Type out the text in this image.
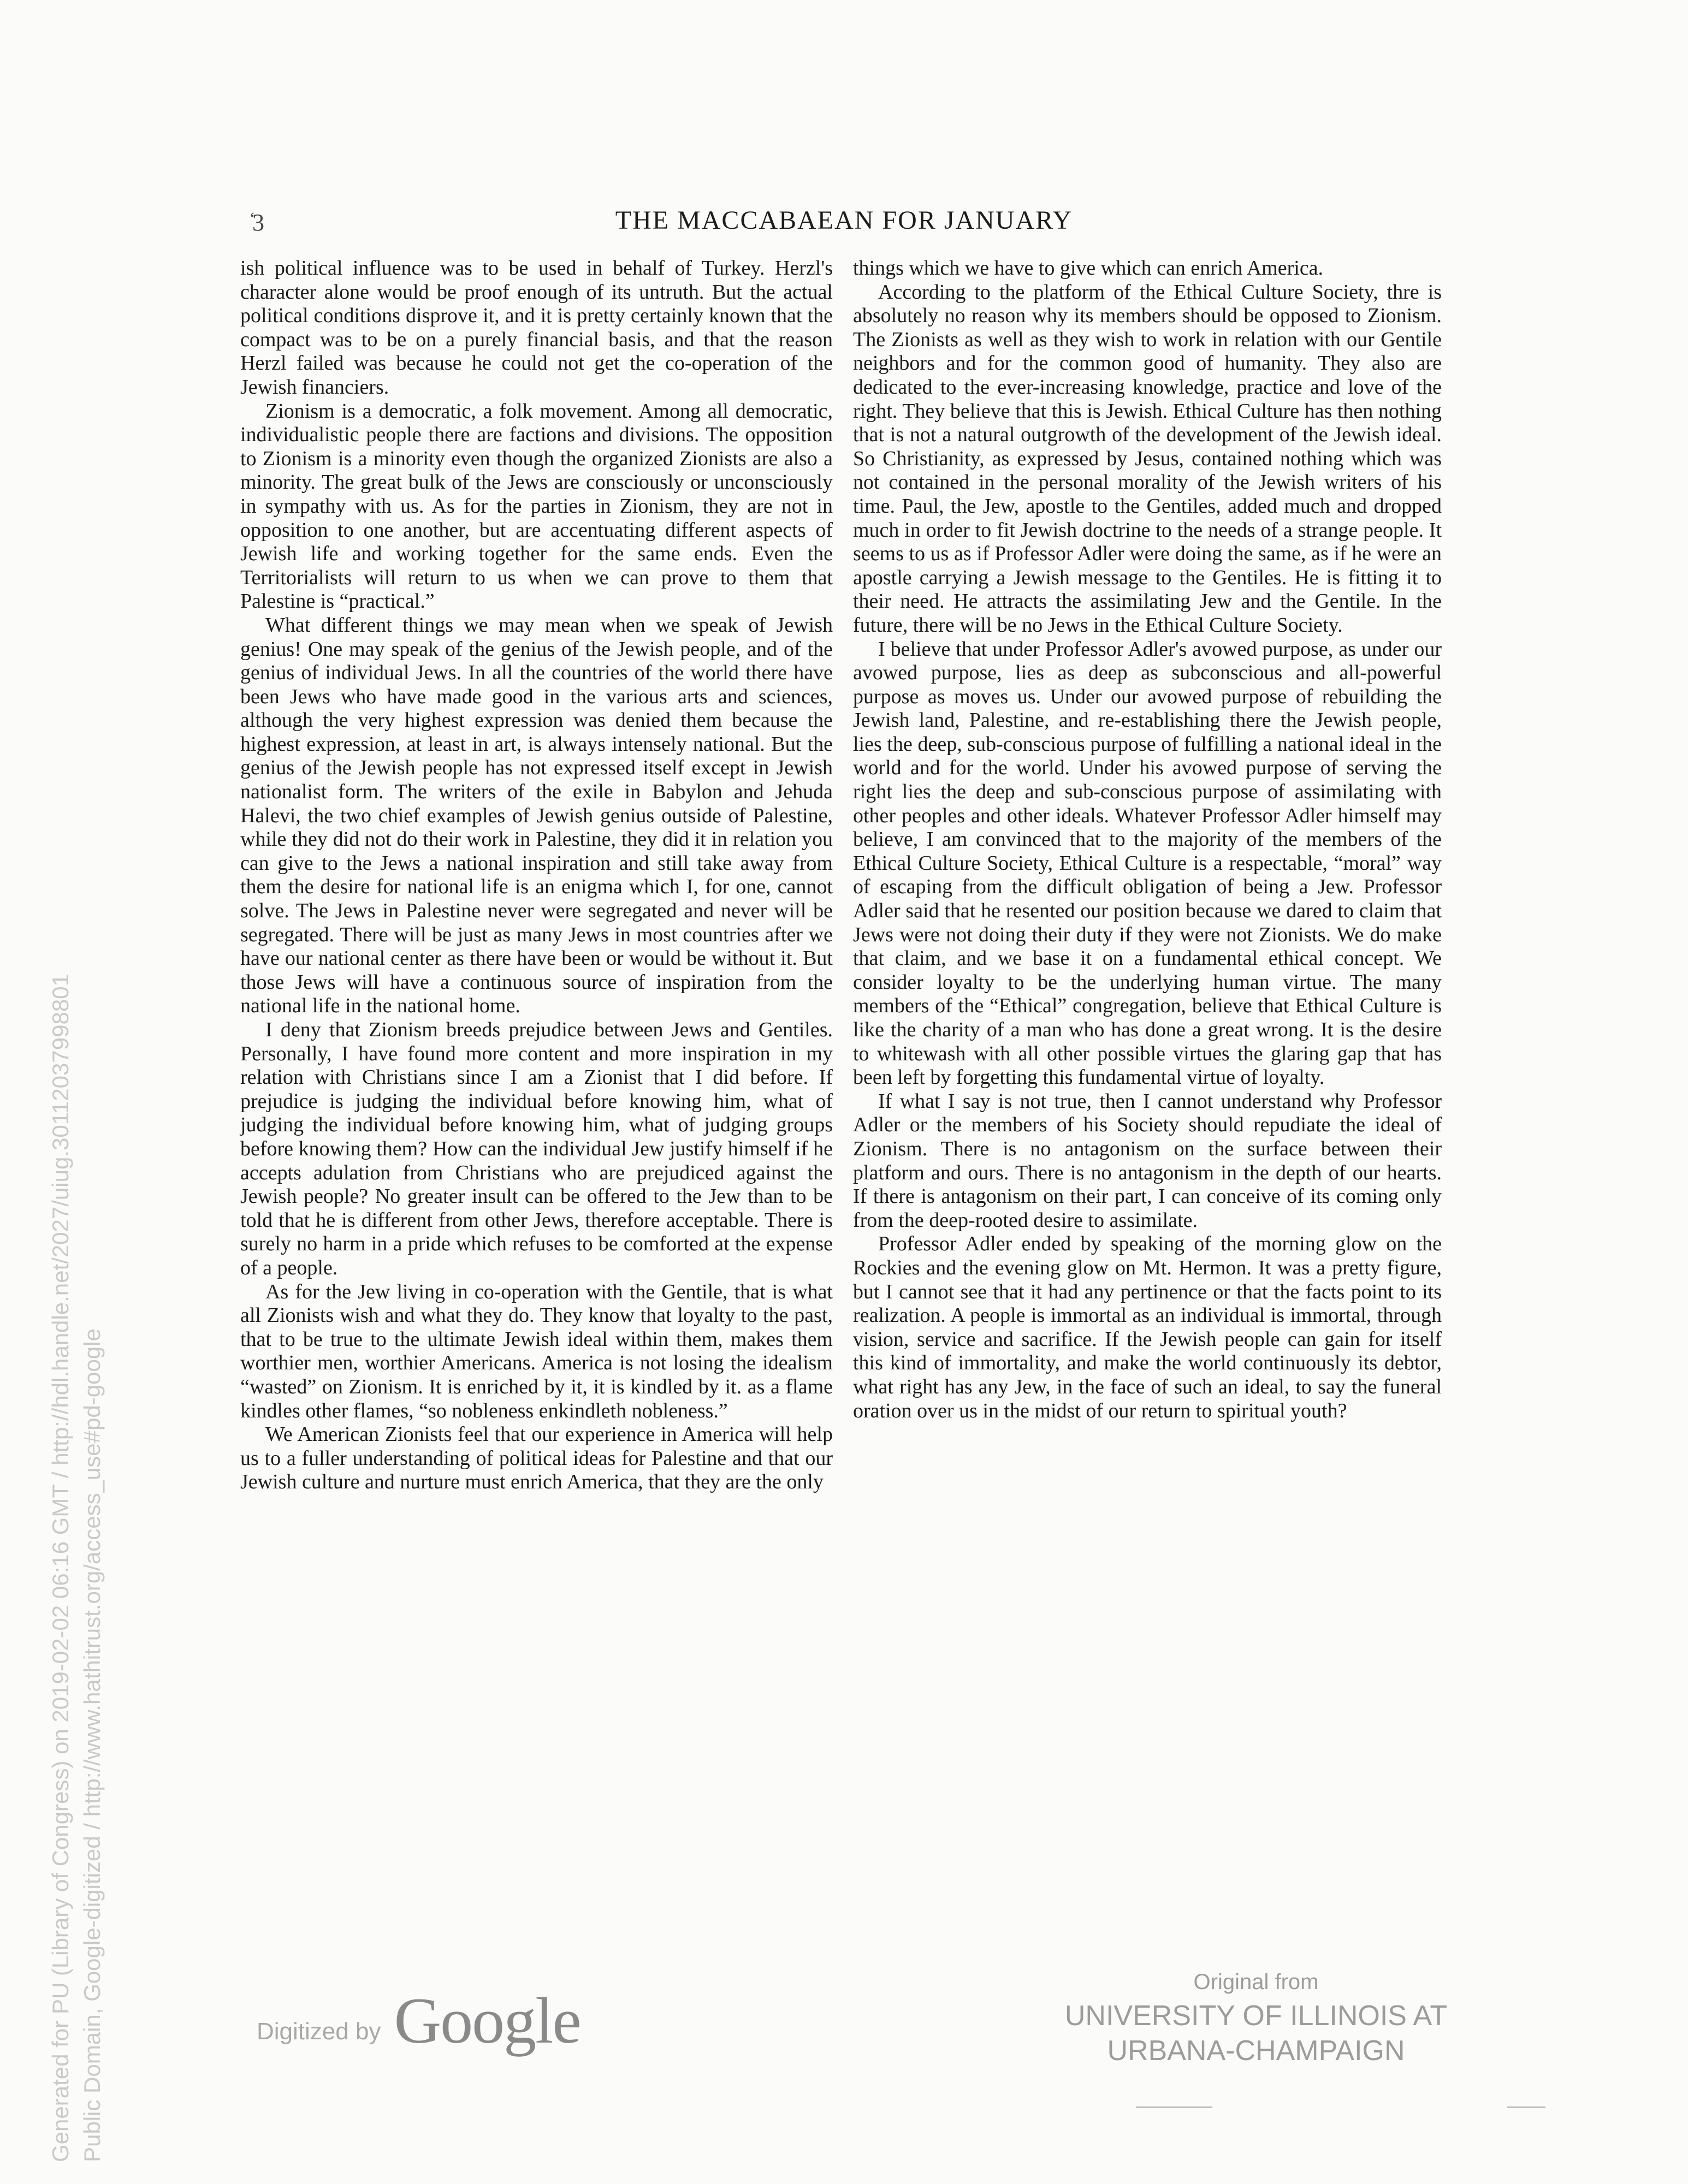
̒3	THE MACCABAEAN FOR JANUARY

ish political influence was to be used in behalf of Turkey. Herzl's character alone would be proof enough of its untruth. But the actual political conditions disprove it, and it is pretty certainly known that the compact was to be on a purely financial basis, and that the reason Herzl failed was because he could not get the co-operation of the Jewish financiers.

Zionism is a democratic, a folk movement. Among all democratic, individualistic people there are factions and divisions. The opposition to Zionism is a minority even though the organized Zionists are also a minority. The great bulk of the Jews are consciously or unconsciously in sympathy with us. As for the parties in Zionism, they are not in opposition to one another, but are accentuating different aspects of Jewish life and working together for the same ends. Even the Territorialists will return to us when we can prove to them that Palestine is “practical.”

What different things we may mean when we speak of Jewish genius! One may speak of the genius of the Jewish people, and of the genius of individual Jews. In all the countries of the world there have been Jews who have made good in the various arts and sciences, although the very highest expression was denied them because the highest expression, at least in art, is always intensely national. But the genius of the Jewish people has not expressed itself except in Jewish nationalist form. The writers of the exile in Babylon and Jehuda Halevi, the two chief examples of Jewish genius outside of Palestine, while they did not do their work in Palestine, they did it in relation you can give to the Jews a national inspiration and still take away from them the desire for national life is an enigma which I, for one, cannot solve. The Jews in Palestine never were segregated and never will be segregated. There will be just as many Jews in most countries after we have our national center as there have been or would be without it. But those Jews will have a continuous source of inspiration from the national life in the national home.

I deny that Zionism breeds prejudice between Jews and Gentiles. Personally, I have found more content and more inspiration in my relation with Christians since I am a Zionist that I did before. If prejudice is judging the individual before knowing him, what of judging the individual before knowing him, what of judging groups before knowing them? How can the individual Jew justify himself if he accepts adulation from Christians who are prejudiced against the Jewish people? No greater insult can be offered to the Jew than to be told that he is different from other Jews, therefore acceptable. There is surely no harm in a pride which refuses to be comforted at the expense of a people.

As for the Jew living in co-operation with the Gentile, that is what all Zionists wish and what they do. They know that loyalty to the past, that to be true to the ultimate Jewish ideal within them, makes them worthier men, worthier Americans. America is not losing the idealism “wasted” on Zionism. It is enriched by it, it is kindled by it. as a flame kindles other flames, “so nobleness enkindleth nobleness.”

We American Zionists feel that our experience in America will help us to a fuller understanding of political ideas for Palestine and that our Jewish culture and nurture must enrich America, that they are the only

things which we have to give which can enrich America.

According to the platform of the Ethical Culture Society, thre is absolutely no reason why its members should be opposed to Zionism. The Zionists as well as they wish to work in relation with our Gentile neighbors and for the common good of humanity. They also are dedicated to the ever-increasing knowledge, practice and love of the right. They believe that this is Jewish. Ethical Culture has then nothing that is not a natural outgrowth of the development of the Jewish ideal. So Christianity, as expressed by Jesus, contained nothing which was not contained in the personal morality of the Jewish writers of his time. Paul, the Jew, apostle to the Gentiles, added much and dropped much in order to fit Jewish doctrine to the needs of a strange people. It seems to us as if Professor Adler were doing the same, as if he were an apostle carrying a Jewish message to the Gentiles. He is fitting it to their need. He attracts the assimilating Jew and the Gentile. In the future, there will be no Jews in the Ethical Culture Society.

I believe that under Professor Adler's avowed purpose, as under our avowed purpose, lies as deep as subconscious and all-powerful purpose as moves us. Under our avowed purpose of rebuilding the Jewish land, Palestine, and re-establishing there the Jewish people, lies the deep, sub-conscious purpose of fulfilling a national ideal in the world and for the world. Under his avowed purpose of serving the right lies the deep and sub-conscious purpose of assimilating with other peoples and other ideals. Whatever Professor Adler himself may believe, I am convinced that to the majority of the members of the Ethical Culture Society, Ethical Culture is a respectable, “moral” way of escaping from the difficult obligation of being a Jew. Professor Adler said that he resented our position because we dared to claim that Jews were not doing their duty if they were not Zionists. We do make that claim, and we base it on a fundamental ethical concept. We consider loyalty to be the underlying human virtue. The many members of the “Ethical” congregation, believe that Ethical Culture is like the charity of a man who has done a great wrong. It is the desire to whitewash with all other possible virtues the glaring gap that has been left by forgetting this fundamental virtue of loyalty.

If what I say is not true, then I cannot understand why Professor Adler or the members of his Society should repudiate the ideal of Zionism. There is no antagonism on the surface between their platform and ours. There is no antagonism in the depth of our hearts. If there is antagonism on their part, I can conceive of its coming only from the deep-rooted desire to assimilate.

Professor Adler ended by speaking of the morning glow on the Rockies and the evening glow on Mt. Hermon. It was a pretty figure, but I cannot see that it had any pertinence or that the facts point to its realization. A people is immortal as an individual is immortal, through vision, service and sacrifice. If the Jewish people can gain for itself this kind of immortality, and make the world continuously its debtor, what right has any Jew, in the face of such an ideal, to say the funeral oration over us in the midst of our return to spiritual youth?

Generated for PU (Library of Congress) on 2019-02-02 06:16 GMT / http://hdl.handle.net/2027/uiug.30112037998801 Public Domain, Google-digitized / http://www.hathitrust.org/access_use#pd-google	Digitized by Google
Original from
UNIVERSITY OF ILLINOIS AT
URBANA-CHAMPAIGN
